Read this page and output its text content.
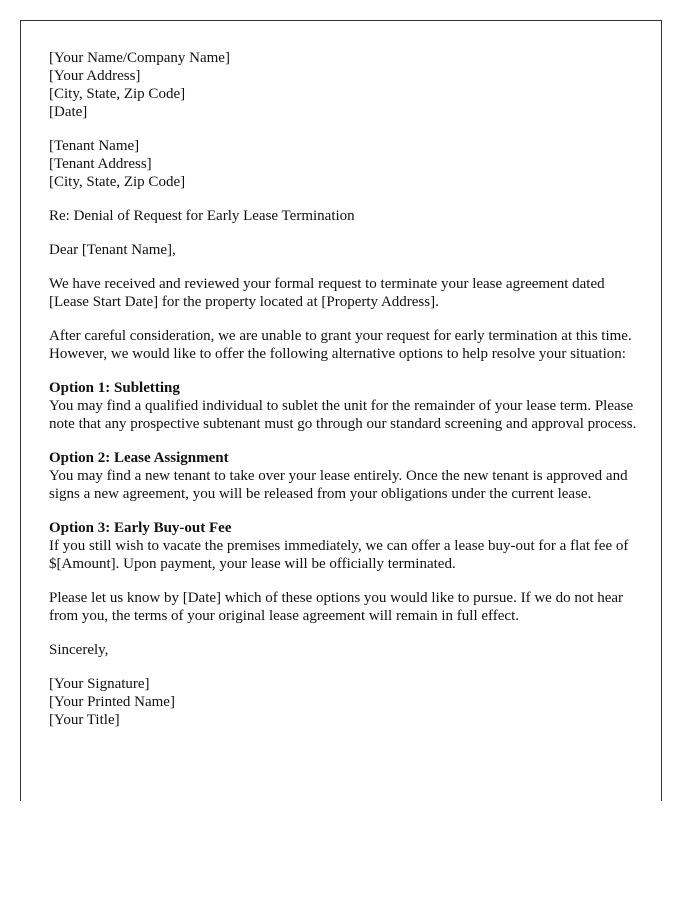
[Your Name/Company Name]
[Your Address]
[City, State, Zip Code]
[Date]
[Tenant Name]
[Tenant Address]
[City, State, Zip Code]

Re: Denial of Request for Early Lease Termination

Dear [Tenant Name],

We have received and reviewed your formal request to terminate your lease agreement dated [Lease Start Date] for the property located at [Property Address].

After careful consideration, we are unable to grant your request for early termination at this time. However, we would like to offer the following alternative options to help resolve your situation:

Option 1: Subletting
You may find a qualified individual to sublet the unit for the remainder of your lease term. Please note that any prospective subtenant must go through our standard screening and approval process.
Option 2: Lease Assignment
You may find a new tenant to take over your lease entirely. Once the new tenant is approved and signs a new agreement, you will be released from your obligations under the current lease.
Option 3: Early Buy-out Fee
If you still wish to vacate the premises immediately, we can offer a lease buy-out for a flat fee of $[Amount]. Upon payment, your lease will be officially terminated.

Please let us know by [Date] which of these options you would like to pursue. If we do not hear from you, the terms of your original lease agreement will remain in full effect.

Sincerely,

[Your Signature]
[Your Printed Name]
[Your Title]
